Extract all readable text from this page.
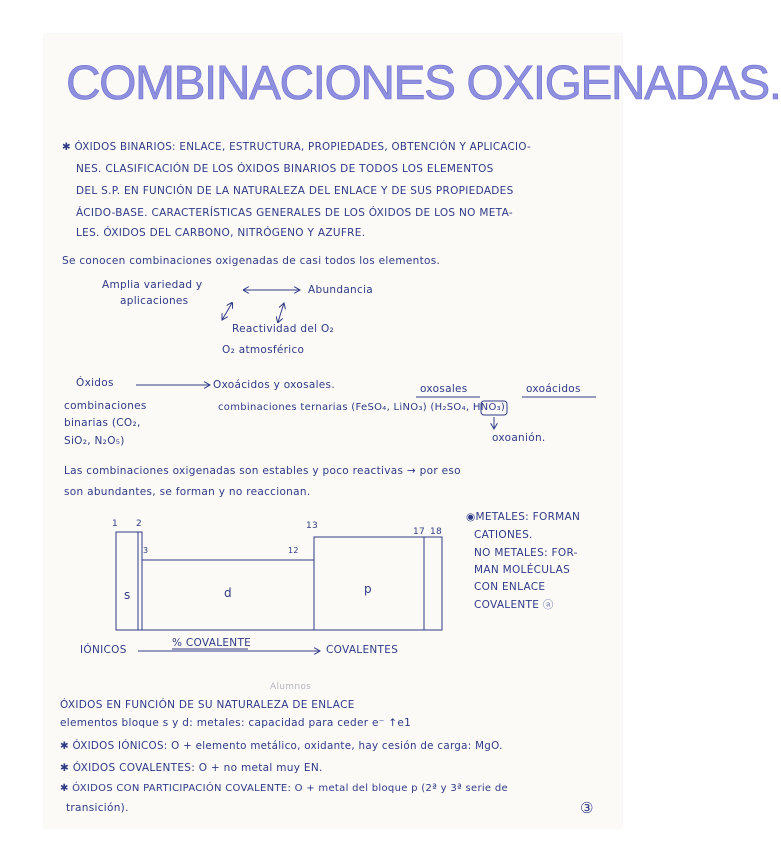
COMBINACIONES OXIGENADAS.

✱ ÓXIDOS BINARIOS: ENLACE, ESTRUCTURA, PROPIEDADES, OBTENCIÓN Y APLICACIO-

NES. CLASIFICACIÓN DE LOS ÓXIDOS BINARIOS DE TODOS LOS ELEMENTOS

DEL S.P. EN FUNCIÓN DE LA NATURALEZA DEL ENLACE Y DE SUS PROPIEDADES

ÁCIDO-BASE. CARACTERÍSTICAS GENERALES DE LOS ÓXIDOS DE LOS NO META-

LES. ÓXIDOS DEL CARBONO, NITRÓGENO Y AZUFRE.

Se conocen combinaciones oxigenadas de casi todos los elementos.

Amplia variedad y

aplicaciones

Abundancia

Reactividad del O₂

O₂ atmosférico

Óxidos	Oxoácidos y oxosales.	oxosales	oxoácidos

combinaciones

binarias (CO₂,

SiO₂, N₂O₅)

combinaciones ternarias (FeSO₄, LiNO₃) (H₂SO₄, HNO₃)

oxoanión.

Las combinaciones oxigenadas son estables y poco reactivas → por eso

son abundantes, se forman y no reaccionan.

1 2

3	12

13

17 18

s	d	p

IÓNICOS

% COVALENTE

COVALENTES

◉METALES: FORMAN

CATIONES.

NO METALES: FOR-

MAN MOLÉCULAS

CON ENLACE

COVALENTE ⓐ

Alumnos

ÓXIDOS EN FUNCIÓN DE SU NATURALEZA DE ENLACE

elementos bloque s y d: metales: capacidad para ceder e⁻ ↑e1

✱ ÓXIDOS IÓNICOS: O + elemento metálico, oxidante, hay cesión de carga: MgO.

✱ ÓXIDOS COVALENTES: O + no metal muy EN.

✱ ÓXIDOS CON PARTICIPACIÓN COVALENTE: O + metal del bloque p (2ª y 3ª serie de

transición).	③
